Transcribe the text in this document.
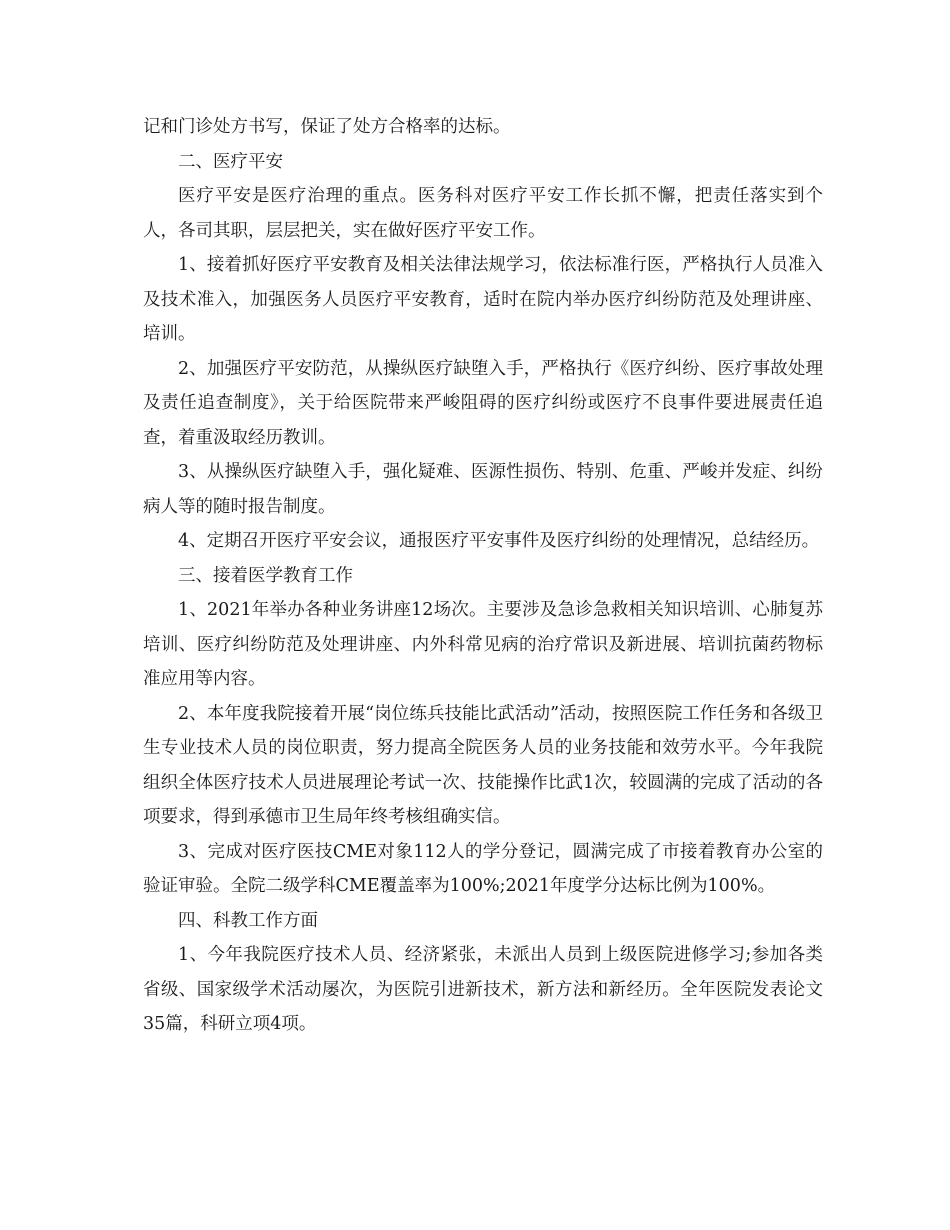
记和门诊处方书写，保证了处方合格率的达标。

二、医疗平安

医疗平安是医疗治理的重点。医务科对医疗平安工作长抓不懈，把责任落实到个人，各司其职，层层把关，实在做好医疗平安工作。

1、接着抓好医疗平安教育及相关法律法规学习，依法标准行医，严格执行人员准入及技术准入，加强医务人员医疗平安教育，适时在院内举办医疗纠纷防范及处理讲座、培训。

2、加强医疗平安防范，从操纵医疗缺堕入手，严格执行《医疗纠纷、医疗事故处理及责任追查制度》，关于给医院带来严峻阻碍的医疗纠纷或医疗不良事件要进展责任追查，着重汲取经历教训。

3、从操纵医疗缺堕入手，强化疑难、医源性损伤、特别、危重、严峻并发症、纠纷病人等的随时报告制度。

4、定期召开医疗平安会议，通报医疗平安事件及医疗纠纷的处理情况，总结经历。

三、接着医学教育工作

1、2021年举办各种业务讲座12场次。主要涉及急诊急救相关知识培训、心肺复苏培训、医疗纠纷防范及处理讲座、内外科常见病的治疗常识及新进展、培训抗菌药物标准应用等内容。

2、本年度我院接着开展“岗位练兵技能比武活动”活动，按照医院工作任务和各级卫生专业技术人员的岗位职责，努力提高全院医务人员的业务技能和效劳水平。今年我院组织全体医疗技术人员进展理论考试一次、技能操作比武1次，较圆满的完成了活动的各项要求，得到承德市卫生局年终考核组确实信。

3、完成对医疗医技CME对象112人的学分登记，圆满完成了市接着教育办公室的验证审验。全院二级学科CME覆盖率为100%;2021年度学分达标比例为100%。

四、科教工作方面

1、今年我院医疗技术人员、经济紧张，未派出人员到上级医院进修学习;参加各类省级、国家级学术活动屡次，为医院引进新技术，新方法和新经历。全年医院发表论文35篇，科研立项4项。
